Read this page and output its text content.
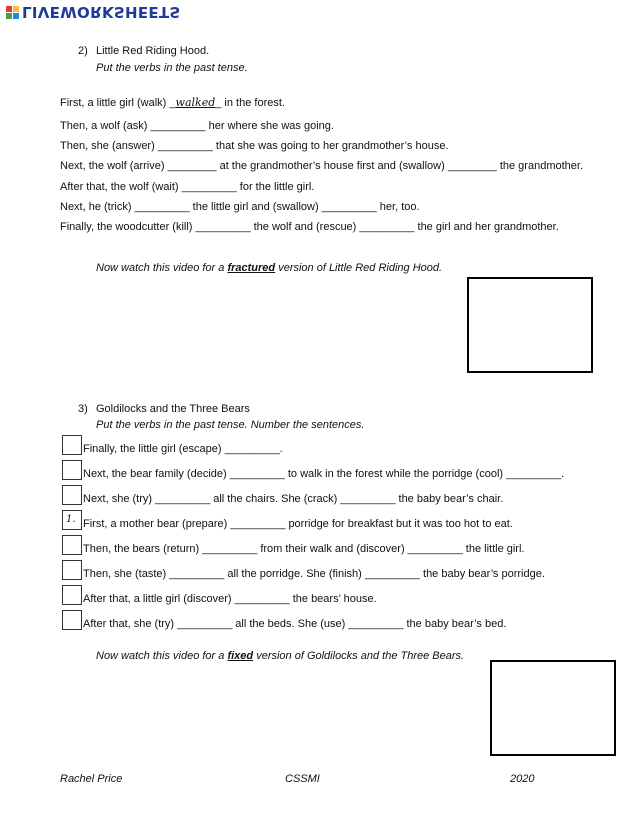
LIVEWORKSHEETS
2) Little Red Riding Hood.
Put the verbs in the past tense.
First, a little girl (walk) _walked_ in the forest.
Then, a wolf (ask) _________ her where she was going.
Then, she (answer) _________ that she was going to her grandmother’s house.
Next, the wolf (arrive) ________ at the grandmother’s house first and (swallow) ________ the grandmother.
After that, the wolf (wait) _________ for the little girl.
Next, he (trick) _________ the little girl and (swallow) _________ her, too.
Finally, the woodcutter (kill) _________ the wolf and (rescue) _________ the girl and her grandmother.
Now watch this video for a fractured version of Little Red Riding Hood.
3) Goldilocks and the Three Bears
Put the verbs in the past tense. Number the sentences.
Finally, the little girl (escape) _________.
Next, the bear family (decide) _________ to walk in the forest while the porridge (cool) _________.
Next, she (try) _________ all the chairs. She (crack) _________ the baby bear’s chair.
1. First, a mother bear (prepare) _________ porridge for breakfast but it was too hot to eat.
Then, the bears (return) _________ from their walk and (discover) _________ the little girl.
Then, she (taste) _________ all the porridge. She (finish) _________ the baby bear’s porridge.
After that, a little girl (discover) _________ the bears’ house.
After that, she (try) _________ all the beds. She (use) _________ the baby bear’s bed.
Now watch this video for a fixed version of Goldilocks and the Three Bears.
Rachel Price	CSSMI	2020
